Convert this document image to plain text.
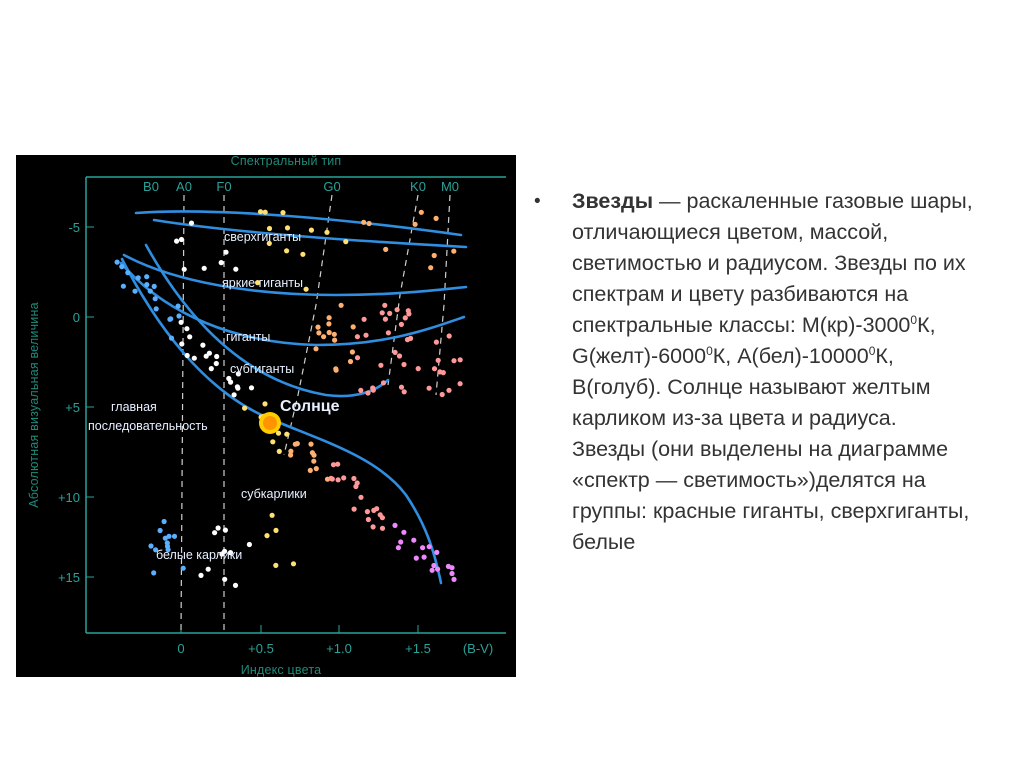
Спектральный тип
Индекс цвета
Абсолютная визуальная величина
B0 A0 F0	G0	K0 M0
-5
0
+5
+10
+15
0	+0.5	+1.0	+1.5 (B-V)
сверхгиганты
яркие гиганты
гиганты
субгиганты
главная
последовательность
Солнце
субкарлики
белые карлики
•	Звезды — раскаленные газовые шары, отличающиеся цветом, массой, светимостью и радиусом. Звезды по их спектрам и цвету разбиваются на спектральные классы: М(кр)-3000$^0$К, G(желт)-6000$^0$К, А(бел)-10000$^0$К, В(голуб). Солнце называют желтым карликом из-за цвета и радиуса. Звезды (они выделены на диаграмме «спектр — светимость»)делятся на группы: красные гиганты, сверхгиганты, белые
